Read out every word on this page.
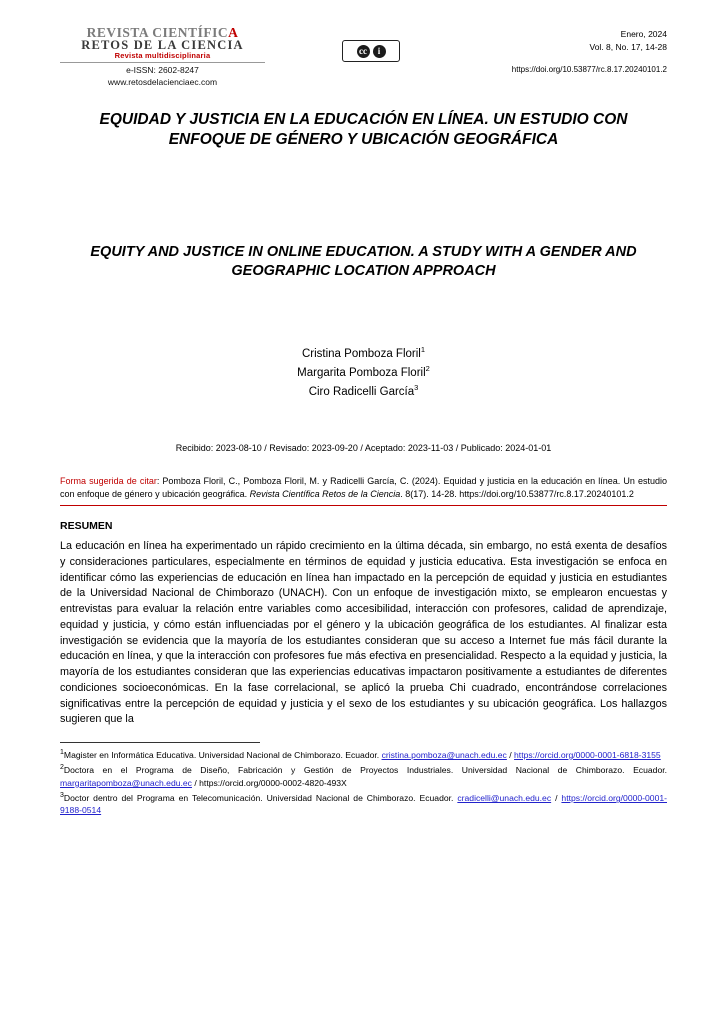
REVISTA CIENTÍFICA
RETOS DE LA CIENCIA
Revista multidisciplinaria
e-ISSN: 2602-8247
www.retosdelacienciaec.com
cc	i
Enero, 2024
Vol. 8, No. 17, 14-28
https://doi.org/10.53877/rc.8.17.20240101.2
EQUIDAD Y JUSTICIA EN LA EDUCACIÓN EN LÍNEA. UN ESTUDIO CON ENFOQUE DE GÉNERO Y UBICACIÓN GEOGRÁFICA
EQUITY AND JUSTICE IN ONLINE EDUCATION. A STUDY WITH A GENDER AND GEOGRAPHIC LOCATION APPROACH
Cristina Pomboza Floril$^1$
Margarita Pomboza Floril$^2$
Ciro Radicelli García$^3$
Recibido: 2023-08-10 / Revisado: 2023-09-20 / Aceptado: 2023-11-03 / Publicado: 2024-01-01
Forma sugerida de citar: Pomboza Floril, C., Pomboza Floril, M. y Radicelli García, C. (2024). Equidad y justicia en la educación en línea. Un estudio con enfoque de género y ubicación geográfica. Revista Científica Retos de la Ciencia. 8(17). 14-28. https://doi.org/10.53877/rc.8.17.20240101.2
RESUMEN
La educación en línea ha experimentado un rápido crecimiento en la última década, sin embargo, no está exenta de desafíos y consideraciones particulares, especialmente en términos de equidad y justicia educativa. Esta investigación se enfoca en identificar cómo las experiencias de educación en línea han impactado en la percepción de equidad y justicia en estudiantes de la Universidad Nacional de Chimborazo (UNACH). Con un enfoque de investigación mixto, se emplearon encuestas y entrevistas para evaluar la relación entre variables como accesibilidad, interacción con profesores, calidad de aprendizaje, equidad y justicia, y cómo están influenciadas por el género y la ubicación geográfica de los estudiantes. Al finalizar esta investigación se evidencia que la mayoría de los estudiantes consideran que su acceso a Internet fue más fácil durante la educación en línea, y que la interacción con profesores fue más efectiva en presencialidad. Respecto a la equidad y justicia, la mayoría de los estudiantes consideran que las experiencias educativas impactaron positivamente a estudiantes de diferentes condiciones socioeconómicas. En la fase correlacional, se aplicó la prueba Chi cuadrado, encontrándose correlaciones significativas entre la percepción de equidad y justicia y el sexo de los estudiantes y su ubicación geográfica. Los hallazgos sugieren que la

$^1$Magister en Informática Educativa. Universidad Nacional de Chimborazo. Ecuador. cristina.pomboza@unach.edu.ec / https://orcid.org/0000-0001-6818-3155

$^2$Doctora en el Programa de Diseño, Fabricación y Gestión de Proyectos Industriales. Universidad Nacional de Chimborazo. Ecuador. margaritapomboza@unach.edu.ec / https://orcid.org/0000-0002-4820-493X

$^3$Doctor dentro del Programa en Telecomunicación. Universidad Nacional de Chimborazo. Ecuador. cradicelli@unach.edu.ec / https://orcid.org/0000-0001-9188-0514
